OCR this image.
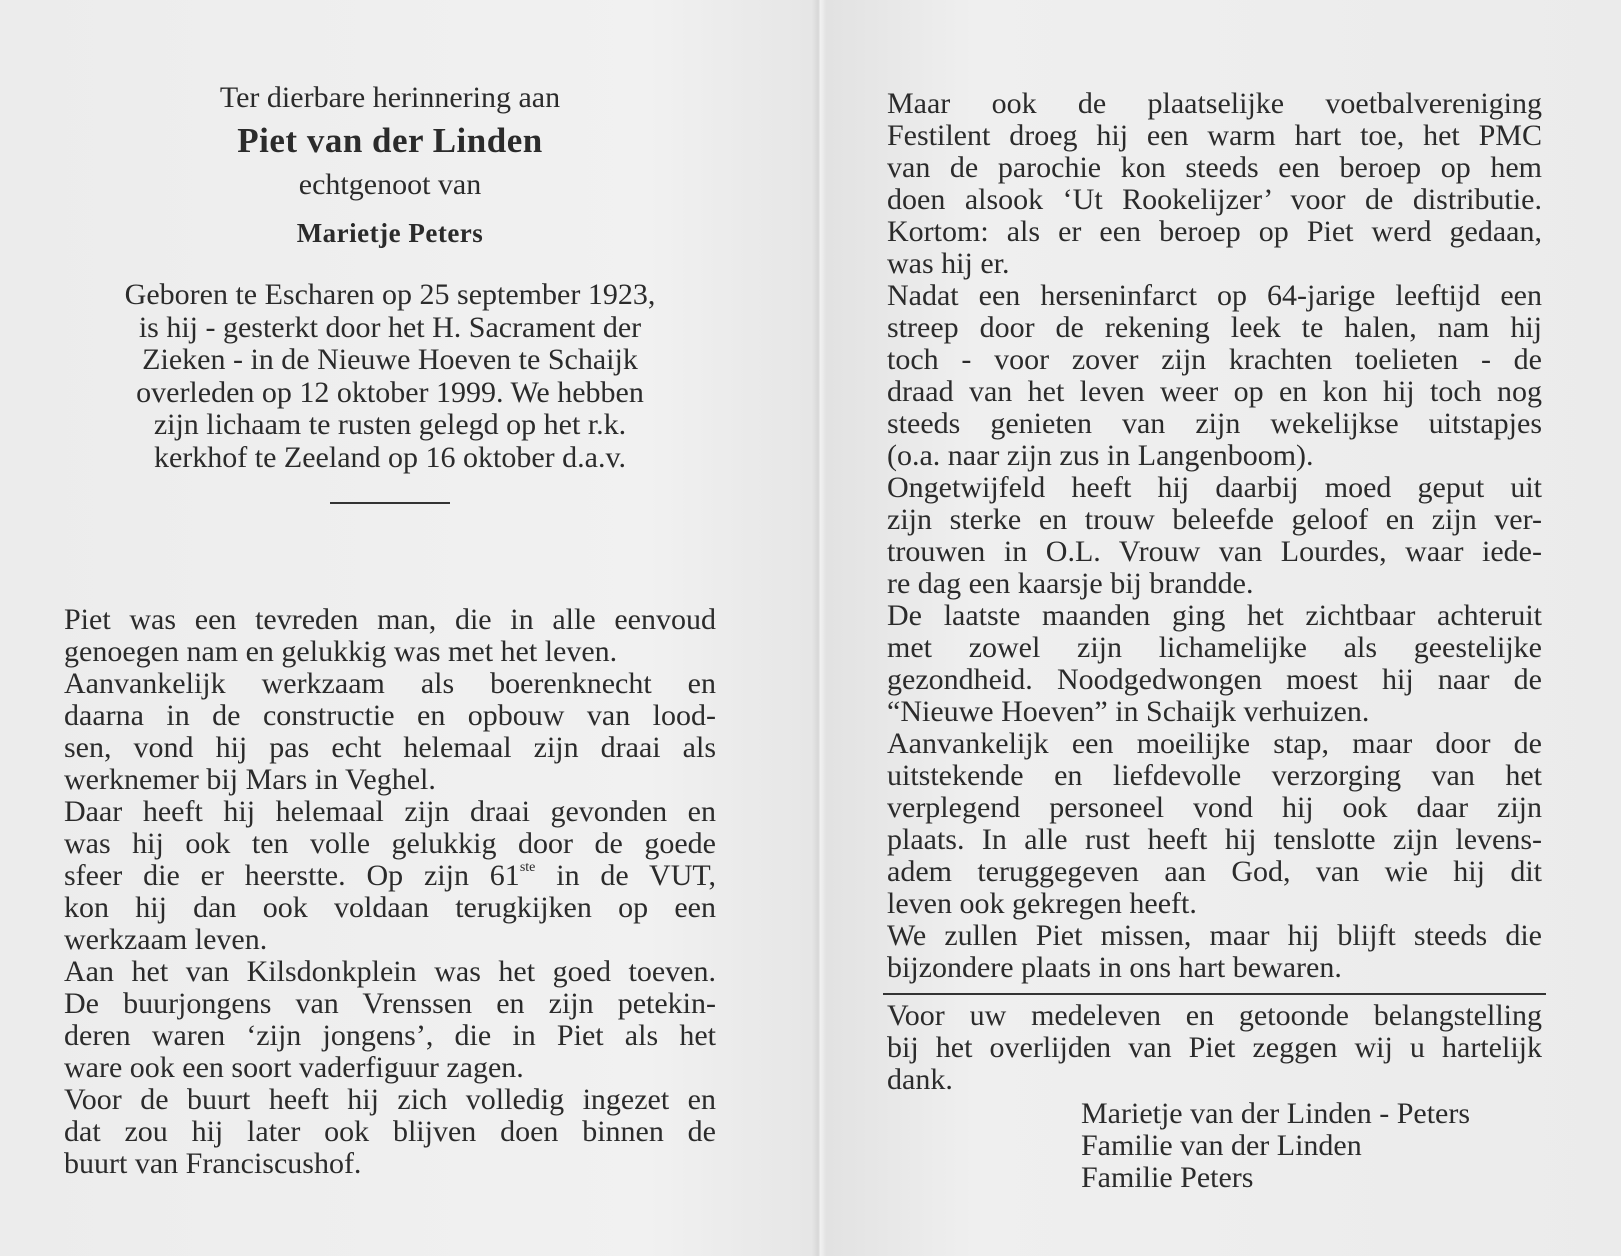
Ter dierbare herinnering aan
Piet van der Linden
echtgenoot van
Marietje Peters
Geboren te Escharen op 25 september 1923,
is hij - gesterkt door het H. Sacrament der
Zieken - in de Nieuwe Hoeven te Schaijk
overleden op 12 oktober 1999. We hebben
zijn lichaam te rusten gelegd op het r.k.
kerkhof te Zeeland op 16 oktober d.a.v.
Piet was een tevreden man, die in alle eenvoud
genoegen nam en gelukkig was met het leven.
Aanvankelijk werkzaam als boerenknecht en
daarna in de constructie en opbouw van lood-
sen, vond hij pas echt helemaal zijn draai als
werknemer bij Mars in Veghel.
Daar heeft hij helemaal zijn draai gevonden en
was hij ook ten volle gelukkig door de goede
sfeer die er heerstte. Op zijn 61ste in de VUT,
kon hij dan ook voldaan terugkijken op een
werkzaam leven.
Aan het van Kilsdonkplein was het goed toeven.
De buurjongens van Vrenssen en zijn petekin-
deren waren ‘zijn jongens’, die in Piet als het
ware ook een soort vaderfiguur zagen.
Voor de buurt heeft hij zich volledig ingezet en
dat zou hij later ook blijven doen binnen de
buurt van Franciscushof.
Maar ook de plaatselijke voetbalvereniging
Festilent droeg hij een warm hart toe, het PMC
van de parochie kon steeds een beroep op hem
doen alsook ‘Ut Rookelijzer’ voor de distributie.
Kortom: als er een beroep op Piet werd gedaan,
was hij er.
Nadat een herseninfarct op 64-jarige leeftijd een
streep door de rekening leek te halen, nam hij
toch - voor zover zijn krachten toelieten - de
draad van het leven weer op en kon hij toch nog
steeds genieten van zijn wekelijkse uitstapjes
(o.a. naar zijn zus in Langenboom).
Ongetwijfeld heeft hij daarbij moed geput uit
zijn sterke en trouw beleefde geloof en zijn ver-
trouwen in O.L. Vrouw van Lourdes, waar iede-
re dag een kaarsje bij brandde.
De laatste maanden ging het zichtbaar achteruit
met zowel zijn lichamelijke als geestelijke
gezondheid. Noodgedwongen moest hij naar de
“Nieuwe Hoeven” in Schaijk verhuizen.
Aanvankelijk een moeilijke stap, maar door de
uitstekende en liefdevolle verzorging van het
verplegend personeel vond hij ook daar zijn
plaats. In alle rust heeft hij tenslotte zijn levens-
adem teruggegeven aan God, van wie hij dit
leven ook gekregen heeft.
We zullen Piet missen, maar hij blijft steeds die
bijzondere plaats in ons hart bewaren.
Voor uw medeleven en getoonde belangstelling
bij het overlijden van Piet zeggen wij u hartelijk
dank.
Marietje van der Linden - Peters
Familie van der Linden
Familie Peters
